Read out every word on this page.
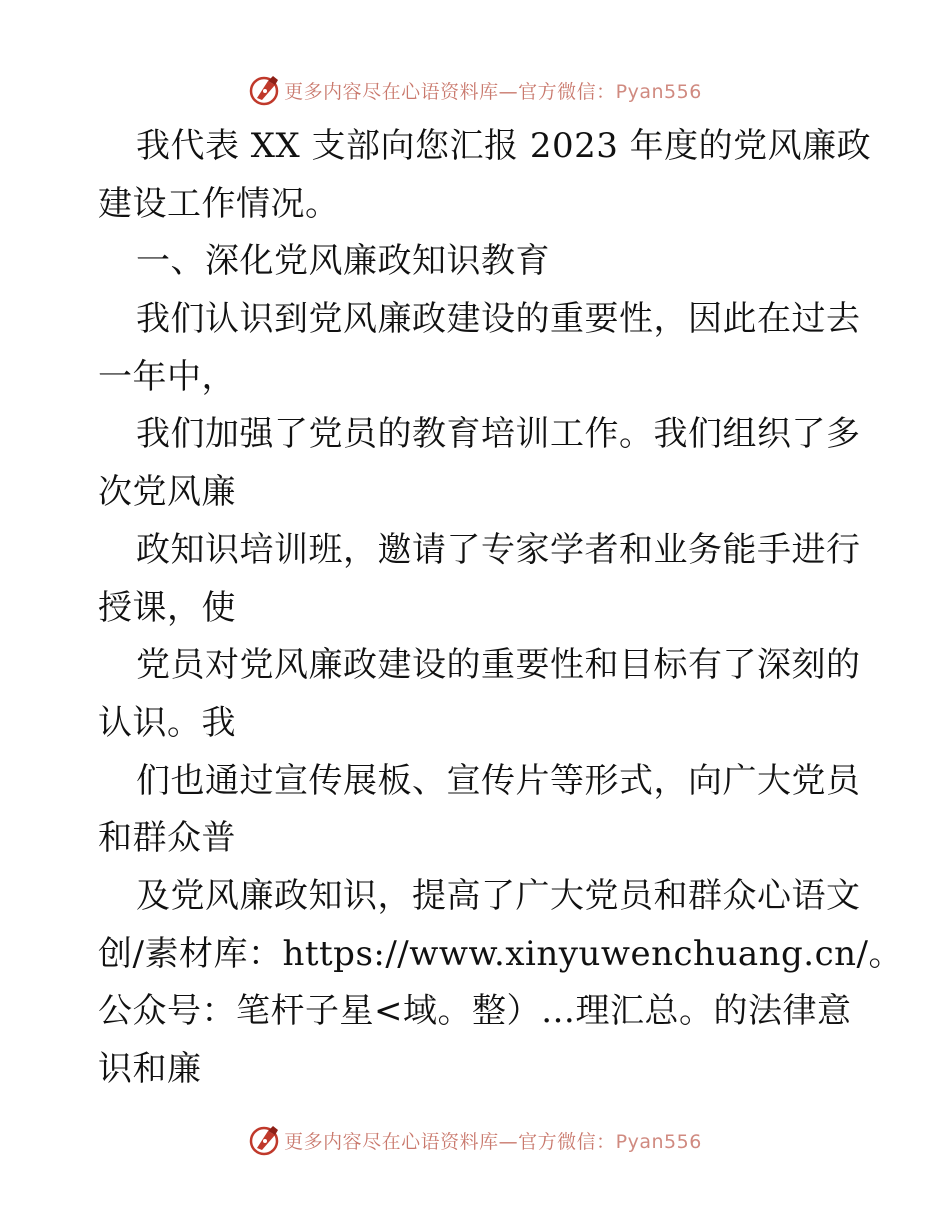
更多内容尽在心语资料库—官方微信：Pyan556
我代表 XX 支部向您汇报 2023 年度的党风廉政
建设工作情况。
一、深化党风廉政知识教育
我们认识到党风廉政建设的重要性，因此在过去
一年中，
我们加强了党员的教育培训工作。我们组织了多
次党风廉
政知识培训班，邀请了专家学者和业务能手进行
授课，使
党员对党风廉政建设的重要性和目标有了深刻的
认识。我
们也通过宣传展板、宣传片等形式，向广大党员
和群众普
及党风廉政知识，提高了广大党员和群众心语文
创/素材库：https://www.xinyuwenchuang.cn/。
公众号：笔杆子星<域。整）…理汇总。的法律意
识和廉
更多内容尽在心语资料库—官方微信：Pyan556
